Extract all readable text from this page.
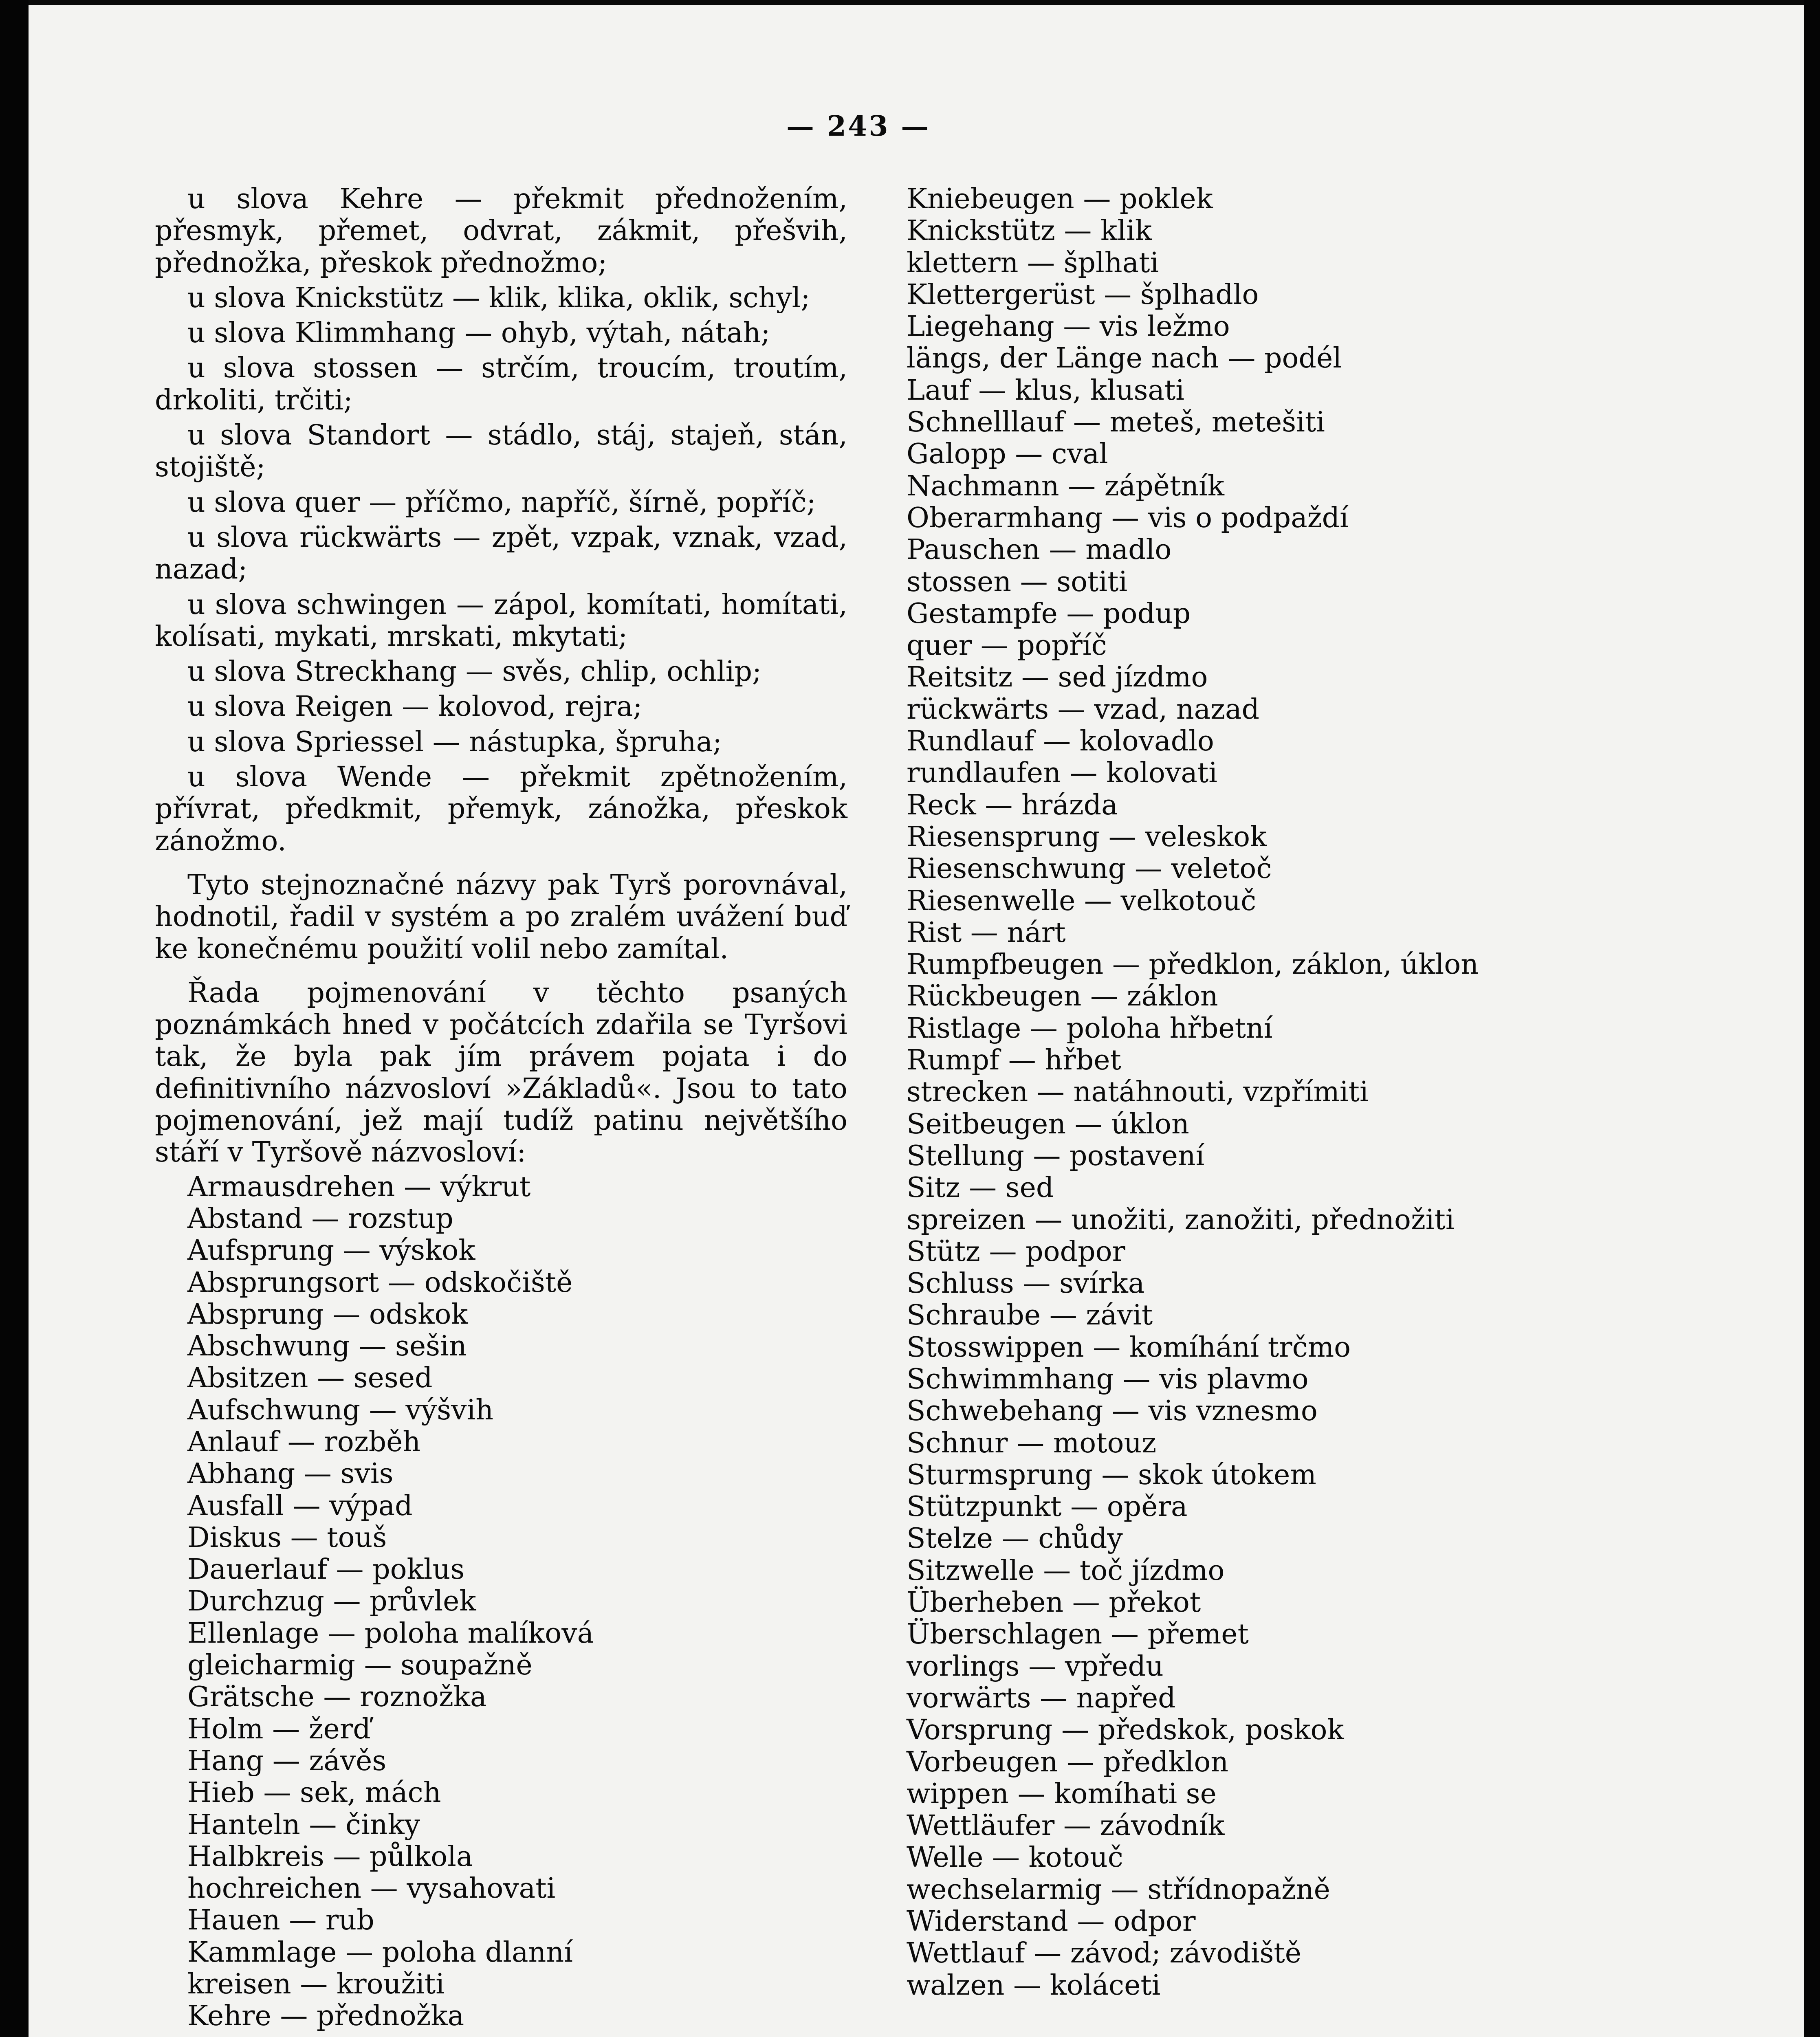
— 243 —

u slova Kehre — překmit přednožením, přesmyk, přemet, odvrat, zákmit, přešvih, přednožka, přeskok přednožmo;

u slova Knickstütz — klik, klika, oklik, schyl;

u slova Klimmhang — ohyb, výtah, nátah;

u slova stossen — strčím, troucím, troutím, drkoliti, trčiti;

u slova Standort — stádlo, stáj, stajeň, stán, stojiště;

u slova quer — příčmo, napříč, šírně, popříč;

u slova rückwärts — zpět, vzpak, vznak, vzad, nazad;

u slova schwingen — zápol, komítati, homítati, kolísati, mykati, mrskati, mkytati;

u slova Streckhang — svěs, chlip, ochlip;

u slova Reigen — kolovod, rejra;

u slova Spriessel — nástupka, špruha;

u slova Wende — překmit zpětnožením, přívrat, předkmit, přemyk, zánožka, přeskok zánožmo.

Tyto stejnoznačné názvy pak Tyrš porovnával, hodnotil, řadil v systém a po zralém uvážení buď ke konečnému použití volil nebo zamítal.

Řada pojmenování v těchto psaných poznámkách hned v počátcích zdařila se Tyršovi tak, že byla pak jím právem pojata i do definitivního názvosloví »Základů«. Jsou to tato pojmenování, jež mají tudíž patinu největšího stáří v Tyršově názvosloví:

Armausdrehen — výkrut
Abstand — rozstup
Aufsprung — výskok
Absprungsort — odskočiště
Absprung — odskok
Abschwung — sešin
Absitzen — sesed
Aufschwung — výšvih
Anlauf — rozběh
Abhang — svis
Ausfall — výpad
Diskus — touš
Dauerlauf — poklus
Durchzug — průvlek
Ellenlage — poloha malíková
gleicharmig — soupažně
Grätsche — roznožka
Holm — žerď
Hang — závěs
Hieb — sek, mách
Hanteln — činky
Halbkreis — půlkola
hochreichen — vysahovati
Hauen — rub
Kammlage — poloha dlanní
kreisen — kroužiti
Kehre — přednožka
Kniebeugen — poklek
Knickstütz — klik
klettern — šplhati
Klettergerüst — šplhadlo
Liegehang — vis ležmo
längs, der Länge nach — podél
Lauf — klus, klusati
Schnelllauf — meteš, metešiti
Galopp — cval
Nachmann — zápětník
Oberarmhang — vis o podpaždí
Pauschen — madlo
stossen — sotiti
Gestampfe — podup
quer — popříč
Reitsitz — sed jízdmo
rückwärts — vzad, nazad
Rundlauf — kolovadlo
rundlaufen — kolovati
Reck — hrázda
Riesensprung — veleskok
Riesenschwung — veletoč
Riesenwelle — velkotouč
Rist — nárt
Rumpfbeugen — předklon, záklon, úklon
Rückbeugen — záklon
Ristlage — poloha hřbetní
Rumpf — hřbet
strecken — natáhnouti, vzpřímiti
Seitbeugen — úklon
Stellung — postavení
Sitz — sed
spreizen — unožiti, zanožiti, přednožiti
Stütz — podpor
Schluss — svírka
Schraube — závit
Stosswippen — komíhání trčmo
Schwimmhang — vis plavmo
Schwebehang — vis vznesmo
Schnur — motouz
Sturmsprung — skok útokem
Stützpunkt — opěra
Stelze — chůdy
Sitzwelle — toč jízdmo
Überheben — překot
Überschlagen — přemet
vorlings — vpředu
vorwärts — napřed
Vorsprung — předskok, poskok
Vorbeugen — předklon
wippen — komíhati se
Wettläufer — závodník
Welle — kotouč
wechselarmig — střídnopažně
Widerstand — odpor
Wettlauf — závod; závodiště
walzen — koláceti
